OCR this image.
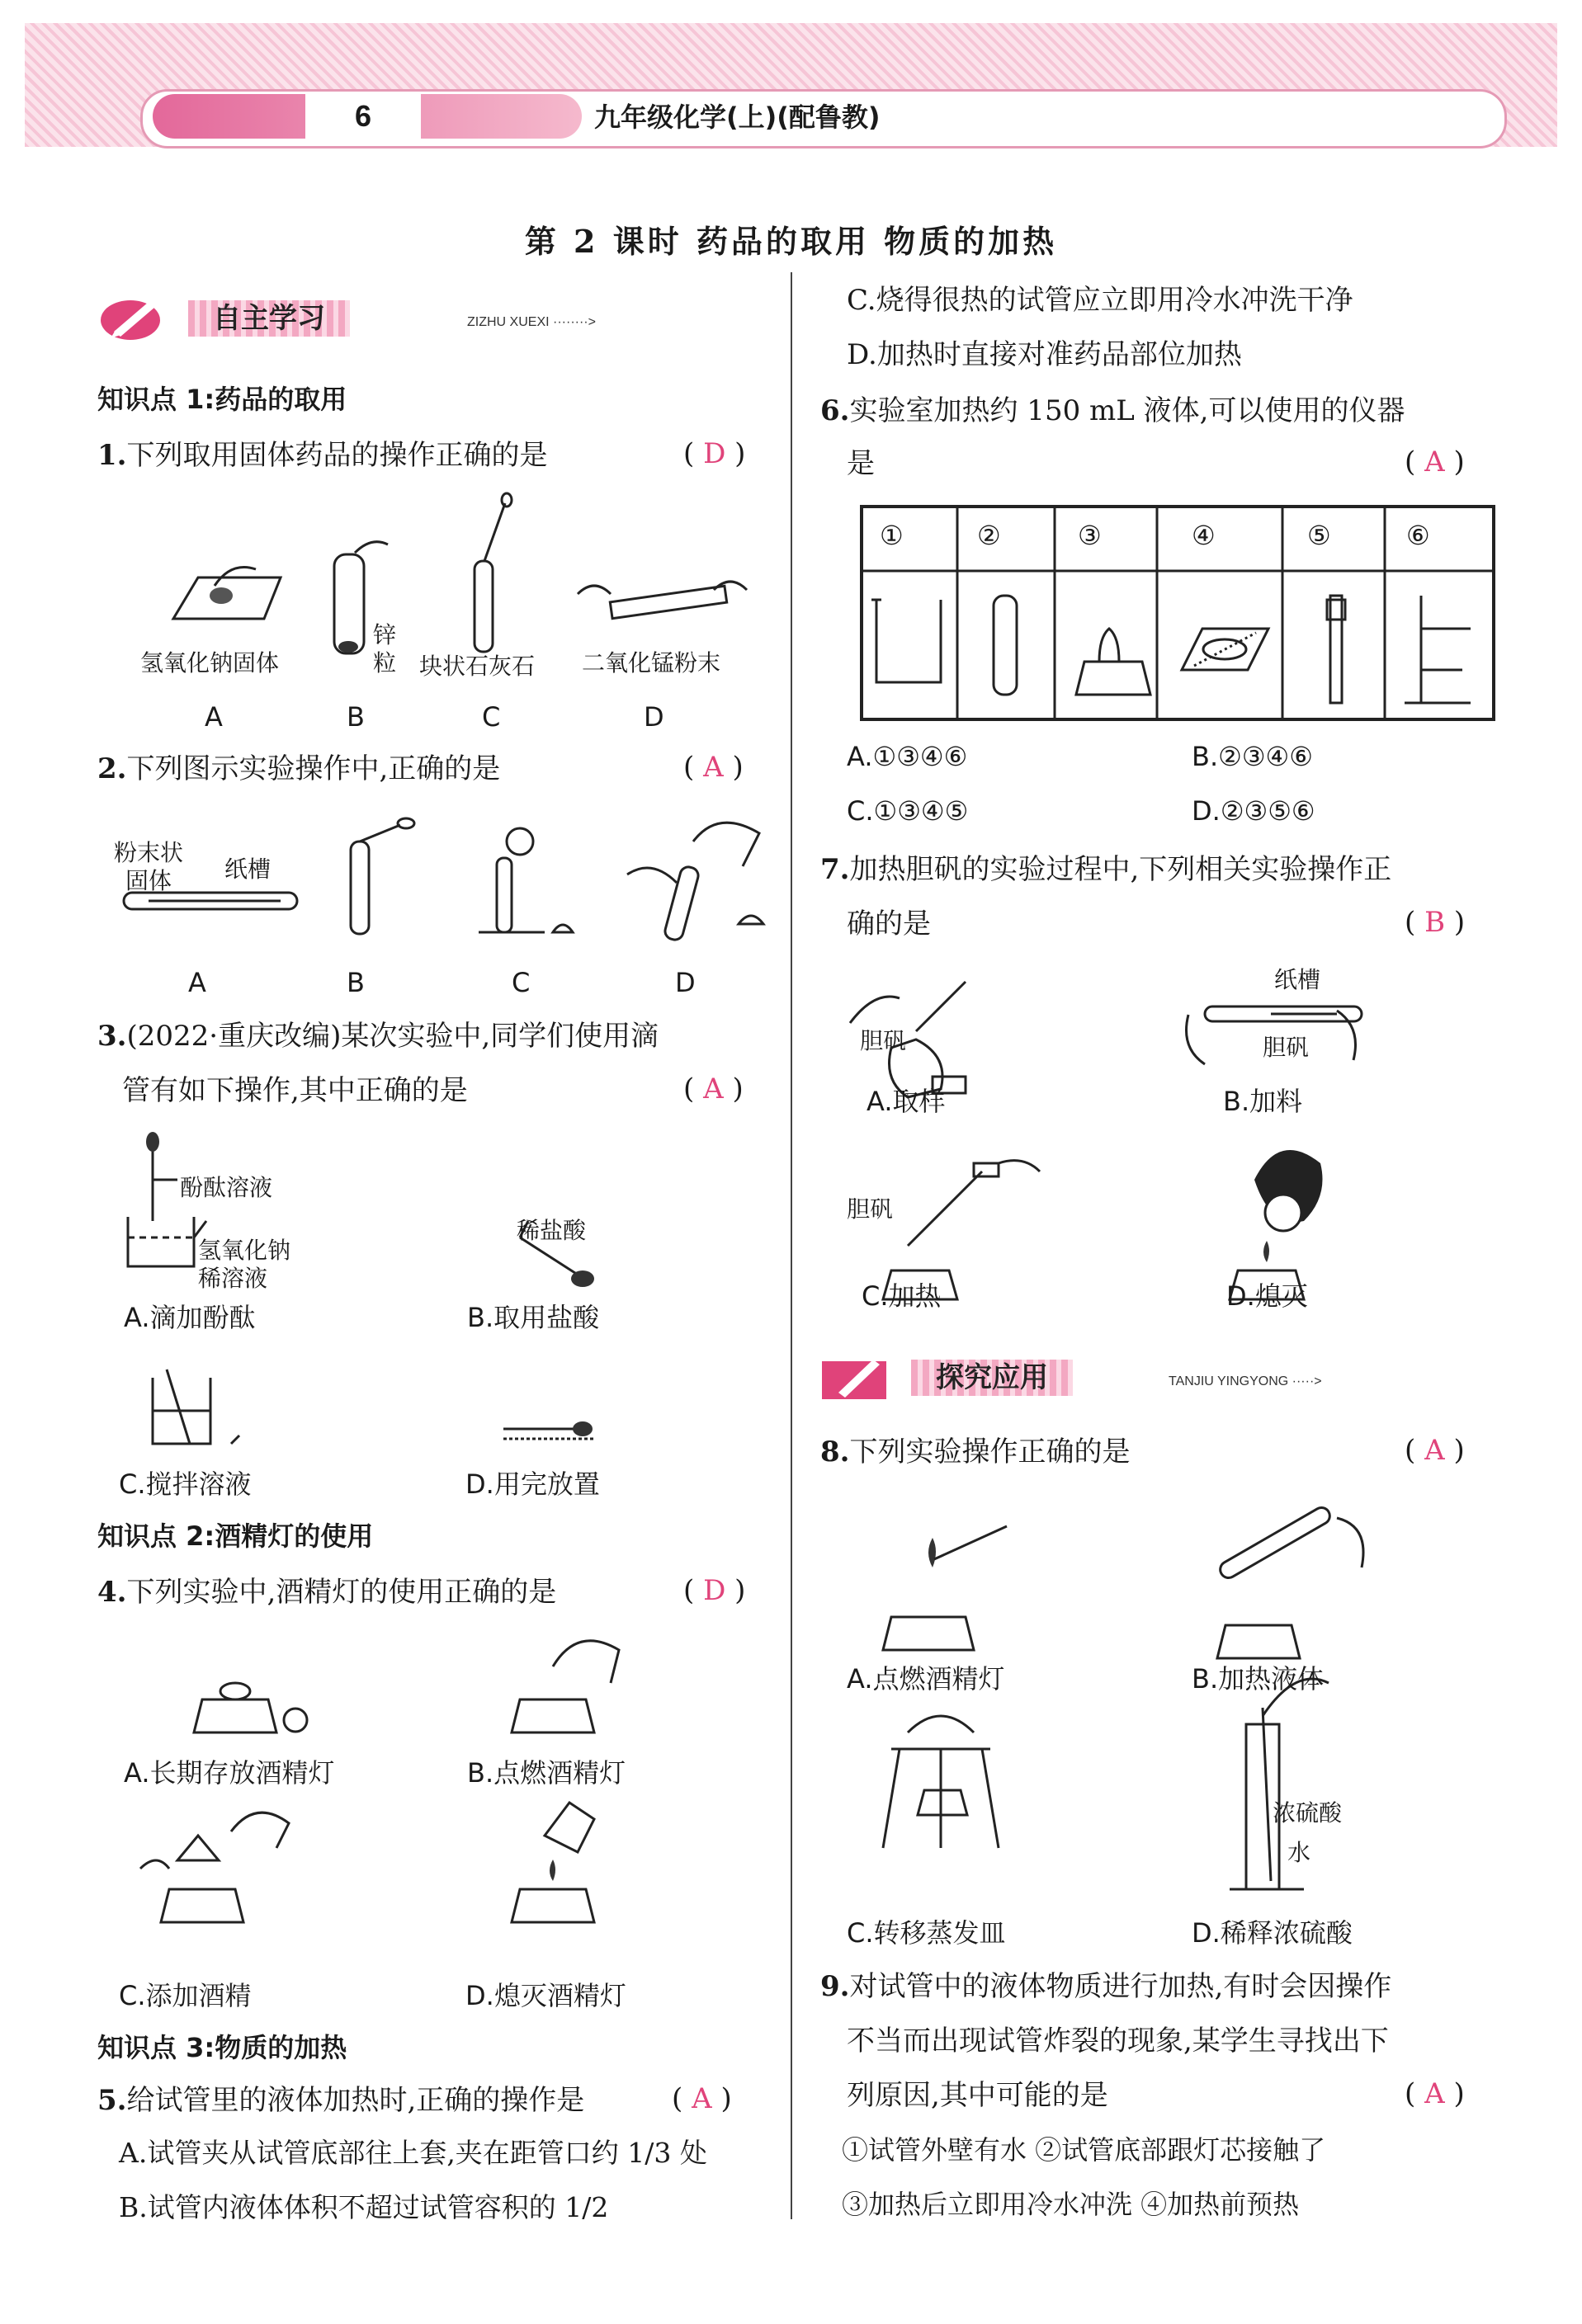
6	九年级化学(上)(配鲁教)
第 2 课时 药品的取用 物质的加热
自主学习	ZIZHU XUEXI ········>
知识点 1:药品的取用
1.下列取用固体药品的操作正确的是	( D )
氢氧化钠固体
锌
粒 块状石灰石 二氧化锰粉末
A	B	C	D
2.下列图示实验操作中,正确的是	( A )
粉末状
固体 纸槽
A	B	C	D
3.(2022·重庆改编)某次实验中,同学们使用滴
管有如下操作,其中正确的是	( A )
酚酞溶液
氢氧化钠
稀溶液
稀盐酸
A.滴加酚酞	B.取用盐酸
C.搅拌溶液	D.用完放置
知识点 2:酒精灯的使用
4.下列实验中,酒精灯的使用正确的是	( D )
A.长期存放酒精灯	B.点燃酒精灯
C.添加酒精	D.熄灭酒精灯
知识点 3:物质的加热
5.给试管里的液体加热时,正确的操作是	( A )
A.试管夹从试管底部往上套,夹在距管口约 1/3 处
B.试管内液体体积不超过试管容积的 1/2
C.烧得很热的试管应立即用冷水冲洗干净
D.加热时直接对准药品部位加热
6.实验室加热约 150 mL 液体,可以使用的仪器
是	( A )
①	②	③	④	⑤	⑥
A.①③④⑥	B.②③④⑥
C.①③④⑤	D.②③⑤⑥
7.加热胆矾的实验过程中,下列相关实验操作正
确的是	( B )
胆矾
纸槽
胆矾
胆矾
A.取样	B.加料
C.加热	D.熄灭
探究应用	TANJIU YINGYONG ·····>
8.下列实验操作正确的是	( A )
A.点燃酒精灯	B.加热液体
浓硫酸
水
C.转移蒸发皿	D.稀释浓硫酸
9.对试管中的液体物质进行加热,有时会因操作
不当而出现试管炸裂的现象,某学生寻找出下
列原因,其中可能的是	( A )
①试管外壁有水 ②试管底部跟灯芯接触了
③加热后立即用冷水冲洗 ④加热前预热
